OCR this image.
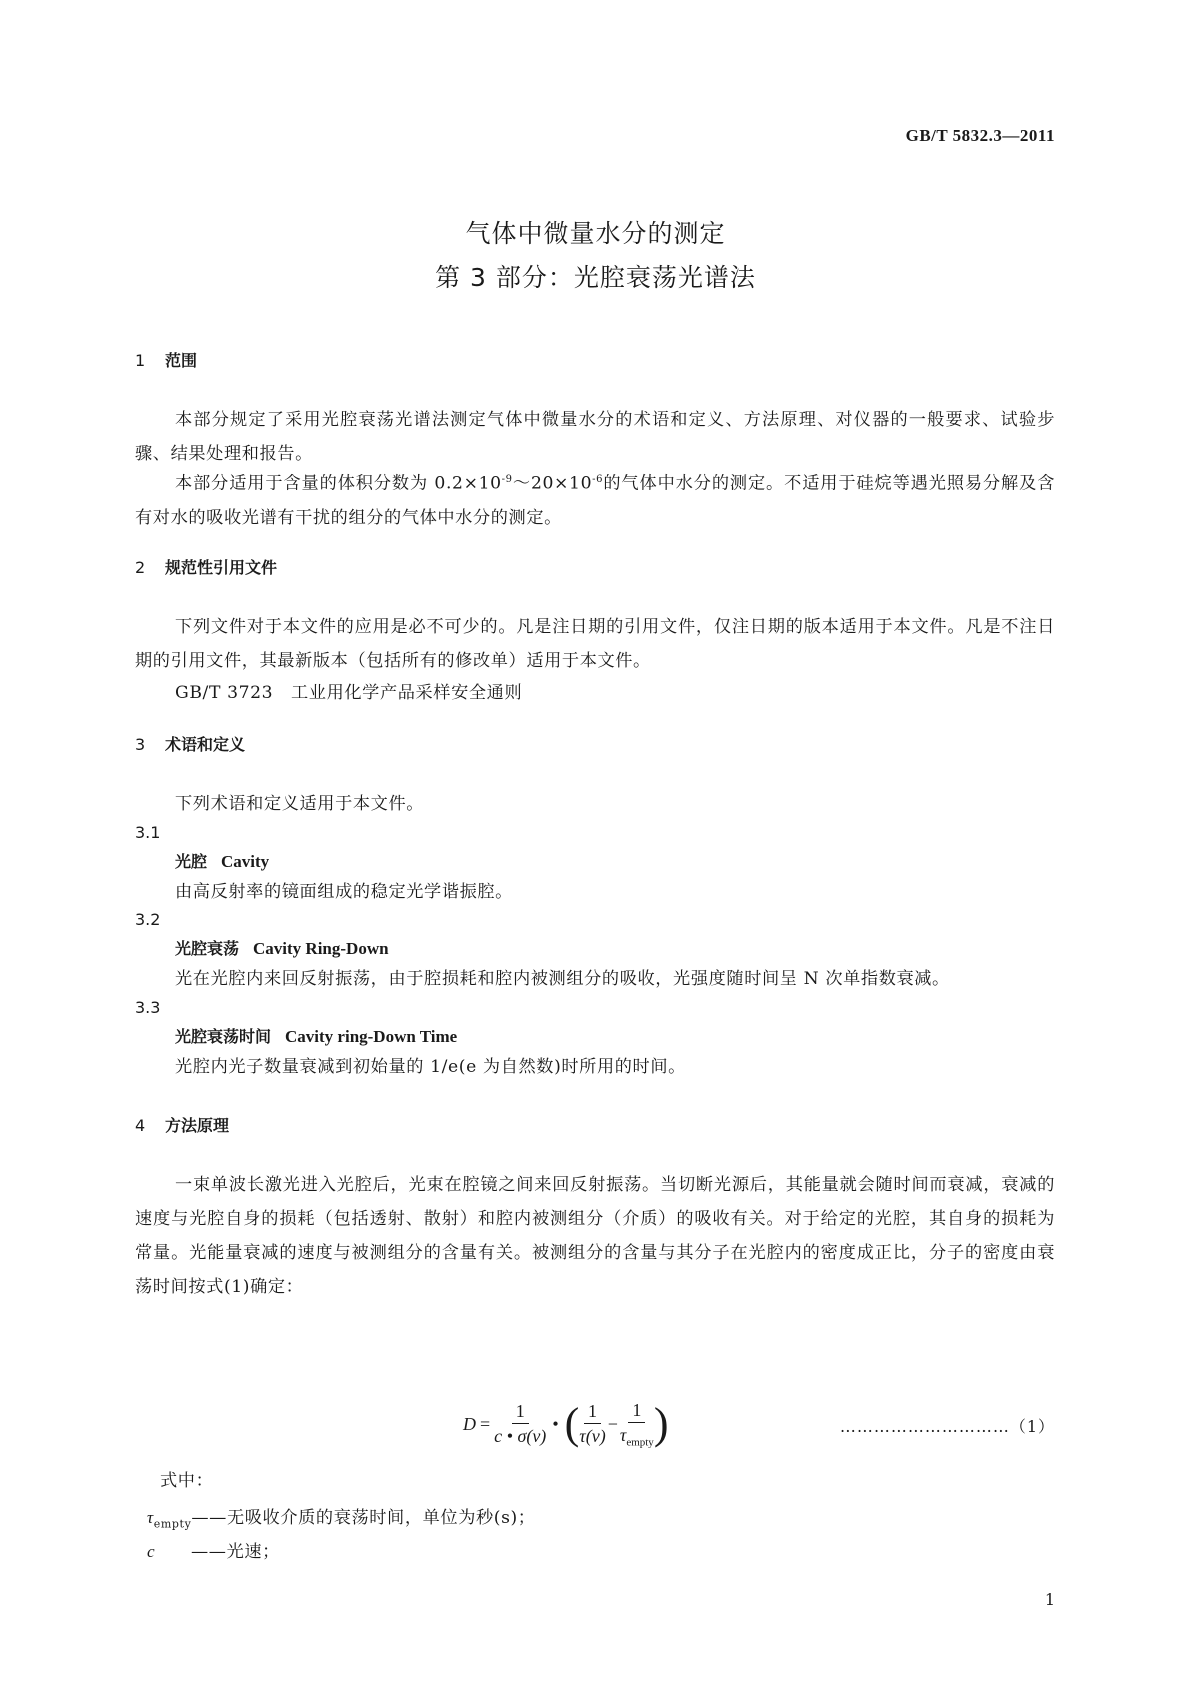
GB/T 5832.3—2011
气体中微量水分的测定
第 3 部分：光腔衰荡光谱法
1 范围
本部分规定了采用光腔衰荡光谱法测定气体中微量水分的术语和定义、方法原理、对仪器的一般要求、试验步骤、结果处理和报告。
本部分适用于含量的体积分数为 $0.2\times 10^{-9}\sim 20\times 10^{-6}$的气体中水分的测定。不适用于硅烷等遇光照易分解及含有对水的吸收光谱有干扰的组分的气体中水分的测定。
2 规范性引用文件
下列文件对于本文件的应用是必不可少的。凡是注日期的引用文件，仅注日期的版本适用于本文件。凡是不注日期的引用文件，其最新版本（包括所有的修改单）适用于本文件。
GB/T 3723　工业用化学产品采样安全通则
3 术语和定义
下列术语和定义适用于本文件。
3.1
光腔 Cavity
由高反射率的镜面组成的稳定光学谐振腔。
3.2
光腔衰荡 Cavity Ring-Down
光在光腔内来回反射振荡，由于腔损耗和腔内被测组分的吸收，光强度随时间呈 N 次单指数衰减。
3.3
光腔衰荡时间 Cavity ring-Down Time
光腔内光子数量衰减到初始量的 1/e(e 为自然数)时所用的时间。
4 方法原理
一束单波长激光进入光腔后，光束在腔镜之间来回反射振荡。当切断光源后，其能量就会随时间而衰减，衰减的速度与光腔自身的损耗（包括透射、散射）和腔内被测组分（介质）的吸收有关。对于给定的光腔，其自身的损耗为常量。光能量衰减的速度与被测组分的含量有关。被测组分的含量与其分子在光腔内的密度成正比，分子的密度由衰荡时间按式(1)确定：
$D = \frac{1}{c • \sigma(\nu)}$ • ( $\frac{1}{\tau(\nu)} - \frac{1}{\tau_{empty}}$ )	…………………………（1）
式中：
$\tau_{empty}——$无吸收介质的衰荡时间，单位为秒(s)；
c ——光速；
1
